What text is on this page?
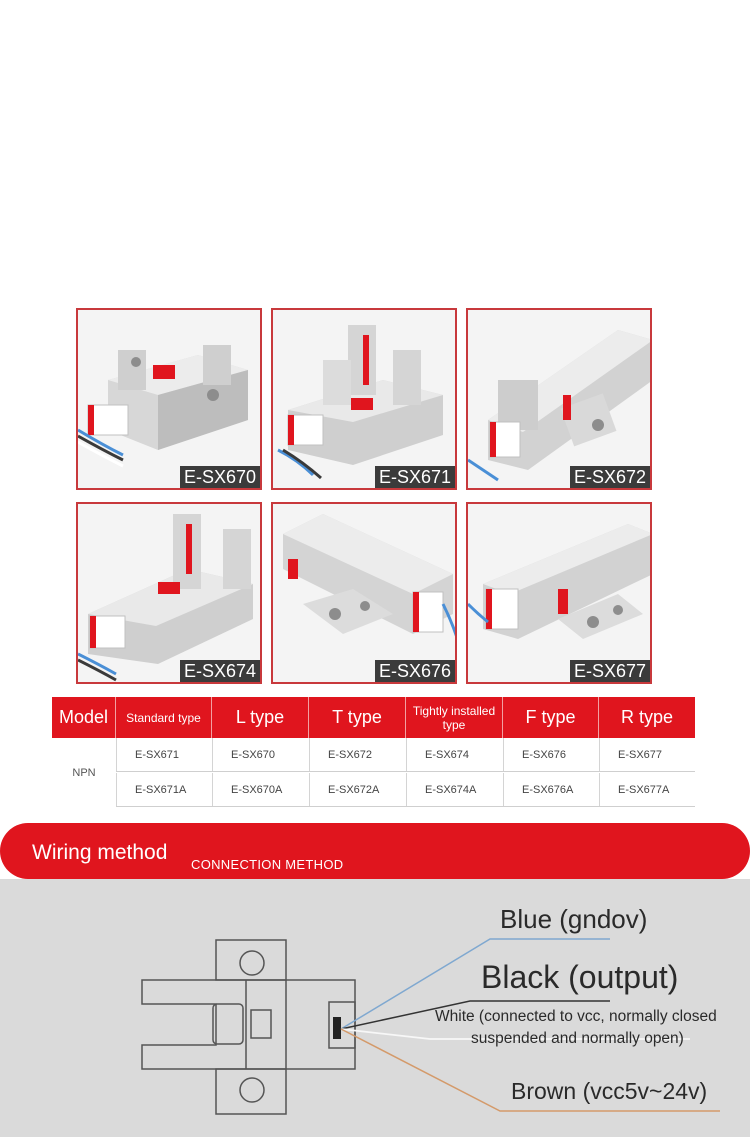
E-SX670	E-SX671	E-SX672
E-SX674	E-SX676	E-SX677
Model	Standard type	L type	T type	Tightly installed type	F type	R type
NPN
E-SX671	E-SX670	E-SX672	E-SX674	E-SX676	E-SX677
E-SX671A	E-SX670A	E-SX672A	E-SX674A	E-SX676A	E-SX677A
Wiring method
CONNECTION METHOD
Blue (gndov)
Black (output)
White (connected to vcc, normally closed
suspended and normally open)
Brown (vcc5v~24v)
